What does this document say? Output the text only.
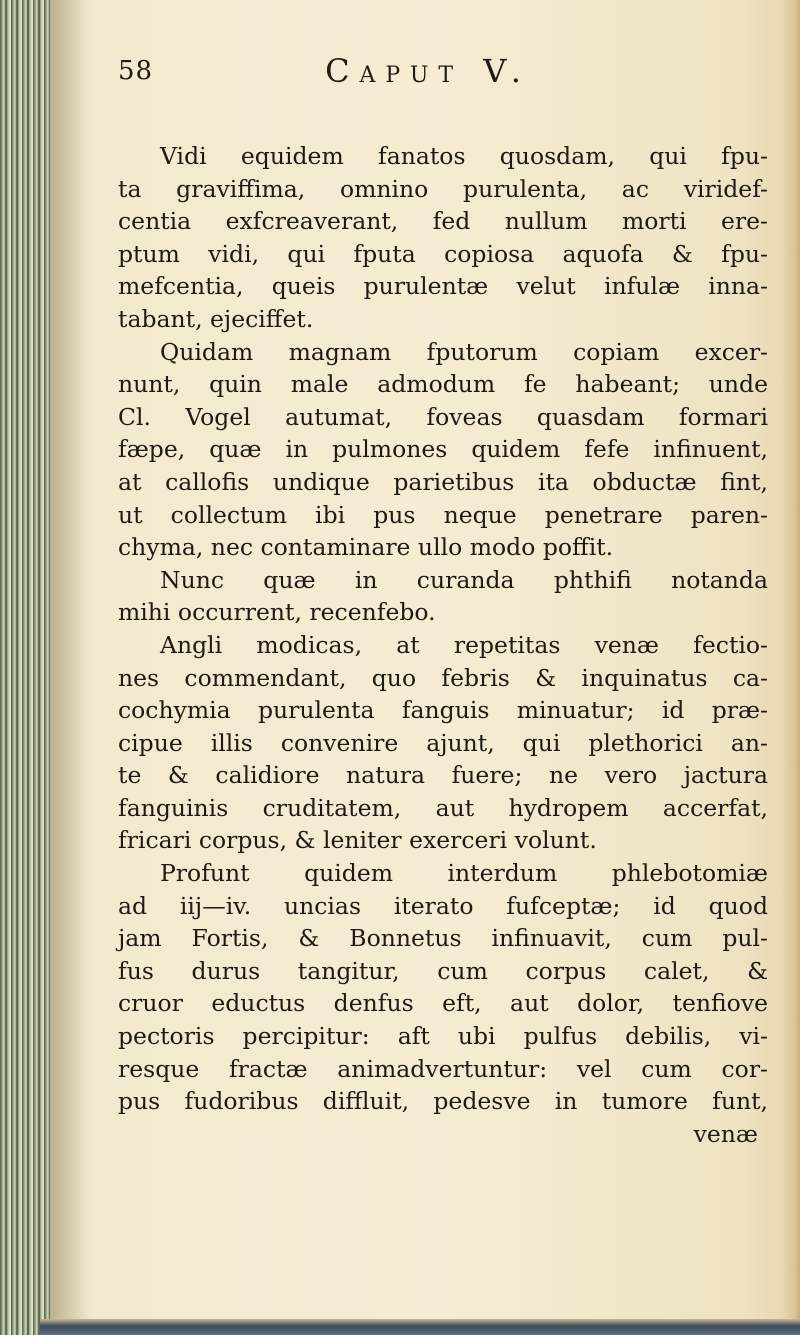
58	Caput V.
Vidi equidem fanatos quosdam, qui fpu-
ta graviffima, omnino purulenta, ac viridef-
centia exfcreaverant, fed nullum morti ere-
ptum vidi, qui fputa copiosa aquofa & fpu-
mefcentia, queis purulentæ velut infulæ inna-
tabant, ejeciffet.
Quidam magnam fputorum copiam excer-
nunt, quin male admodum fe habeant; unde
Cl. Vogel autumat, foveas quasdam formari
fæpe, quæ in pulmones quidem fefe infinuent,
at callofis undique parietibus ita obductæ fint,
ut collectum ibi pus neque penetrare paren-
chyma, nec contaminare ullo modo poffit.
Nunc quæ in curanda phthifi notanda
mihi occurrent, recenfebo.
Angli modicas, at repetitas venæ fectio-
nes commendant, quo febris & inquinatus ca-
cochymia purulenta fanguis minuatur; id præ-
cipue illis convenire ajunt, qui plethorici an-
te & calidiore natura fuere; ne vero jactura
fanguinis cruditatem, aut hydropem accerfat,
fricari corpus, & leniter exerceri volunt.
Profunt quidem interdum phlebotomiæ
ad iij—iv. uncias iterato fufceptæ; id quod
jam Fortis, & Bonnetus infinuavit, cum pul-
fus durus tangitur, cum corpus calet, &
cruor eductus denfus eft, aut dolor, tenfiove
pectoris percipitur: aft ubi pulfus debilis, vi-
resque fractæ animadvertuntur: vel cum cor-
pus fudoribus diffluit, pedesve in tumore funt,
venæ
